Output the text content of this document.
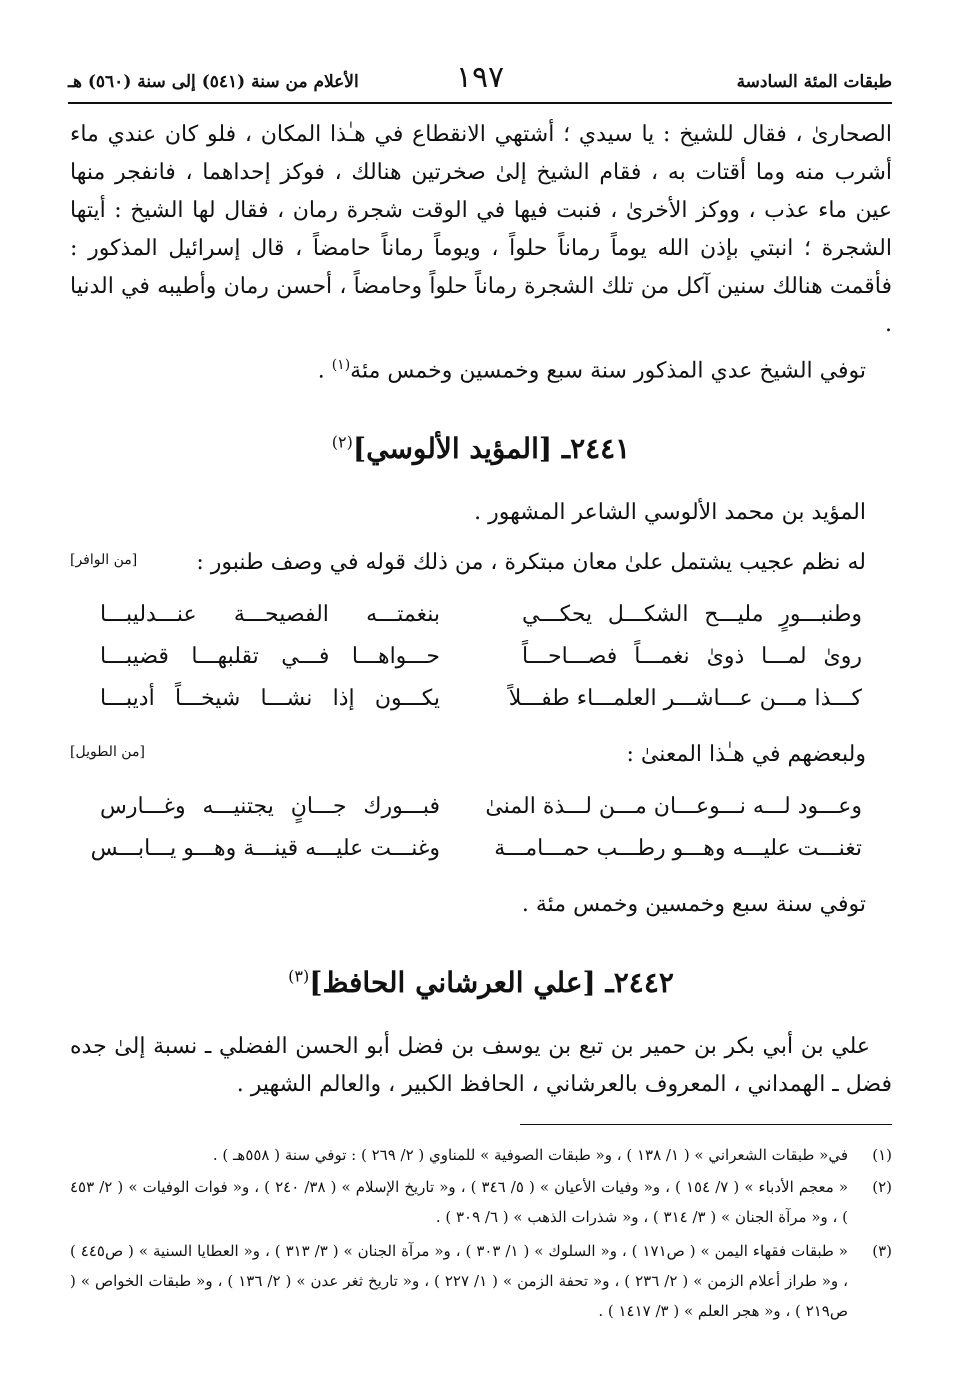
طبقات المئة السادسة
١٩٧
الأعلام من سنة (٥٤١) إلى سنة (٥٦٠) هـ
الصحارىٰ ، فقال للشيخ : يا سيدي ؛ أشتهي الانقطاع في هـٰذا المكان ، فلو كان عندي ماء أشرب منه وما أقتات به ، فقام الشيخ إلىٰ صخرتين هنالك ، فوكز إحداهما ، فانفجر منها عين ماء عذب ، ووكز الأخرىٰ ، فنبت فيها في الوقت شجرة رمان ، فقال لها الشيخ : أيتها الشجرة ؛ انبتي بإذن الله يوماً رماناً حلواً ، ويوماً رماناً حامضاً ، قال إسرائيل المذكور : فأقمت هنالك سنين آكل من تلك الشجرة رماناً حلواً وحامضاً ، أحسن رمان وأطيبه في الدنيا .
توفي الشيخ عدي المذكور سنة سبع وخمسين وخمس مئة$^{(١)}$ .
٢٤٤١ـ [المؤيد الألوسي]$^{(٢)}$
المؤيد بن محمد الألوسي الشاعر المشهور .
له نظم عجيب يشتمل علىٰ معان مبتكرة ، من ذلك قوله في وصف طنبور :
[من الوافر]
وطنبـــورٍ مليـــح الشكـــل يحكـــي
بنغمتـــه الفصيحـــة عنـــدليبـــا
روىٰ لمـــا ذوىٰ نغمـــاً فصـــاحـــاً
حـــواهـــا فـــي تقلبهـــا قضيبـــا
كـــذا مـــن عـــاشـــر العلمـــاء طفـــلاً
يكـــون إذا نشـــا شيخـــاً أديبـــا
ولبعضهم في هـٰذا المعنىٰ :
[من الطويل]
وعـــود لـــه نـــوعـــان مـــن لـــذة المنىٰ
فبـــورك جـــانٍ يجتنيـــه وغـــارس
تغنـــت عليـــه وهـــو رطـــب حمـــامـــة
وغنـــت عليـــه قينـــة وهـــو يـــابـــس
توفي سنة سبع وخمسين وخمس مئة .
٢٤٤٢ـ [علي العرشاني الحافظ]$^{(٣)}$
علي بن أبي بكر بن حمير بن تبع بن يوسف بن فضل أبو الحسن الفضلي ـ نسبة إلىٰ جده فضل ـ الهمداني ، المعروف بالعرشاني ، الحافظ الكبير ، والعالم الشهير .
(١)
في« طبقات الشعراني » ( ١/ ١٣٨ ) ، و« طبقات الصوفية » للمناوي ( ٢/ ٢٦٩ ) : توفي سنة ( ٥٥٨هـ ) .
(٢)
« معجم الأدباء » ( ٧/ ١٥٤ ) ، و« وفيات الأعيان » ( ٥/ ٣٤٦ ) ، و« تاريخ الإسلام » ( ٣٨/ ٢٤٠ ) ، و« فوات الوفيات » ( ٢/ ٤٥٣ ) ، و« مرآة الجنان » ( ٣/ ٣١٤ ) ، و« شذرات الذهب » ( ٦/ ٣٠٩ ) .
(٣)
« طبقات فقهاء اليمن » ( ص١٧١ ) ، و« السلوك » ( ١/ ٣٠٣ ) ، و« مرآة الجنان » ( ٣/ ٣١٣ ) ، و« العطايا السنية » ( ص٤٤٥ ) ، و« طراز أعلام الزمن » ( ٢/ ٢٣٦ ) ، و« تحفة الزمن » ( ١/ ٢٢٧ ) ، و« تاريخ ثغر عدن » ( ٢/ ١٣٦ ) ، و« طبقات الخواص » ( ص٢١٩ ) ، و« هجر العلم » ( ٣/ ١٤١٧ ) .
